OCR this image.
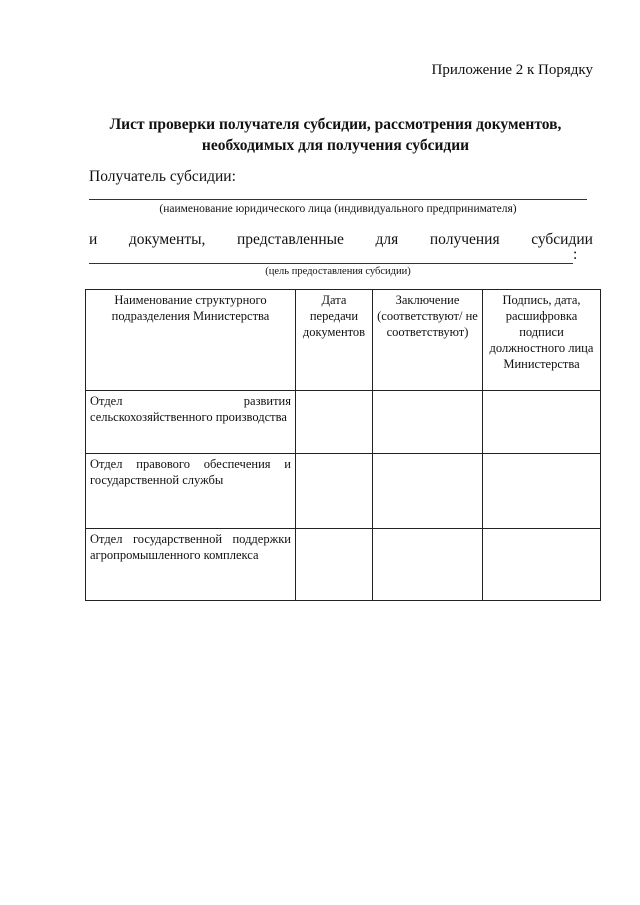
Приложение 2 к Порядку
Лист проверки получателя субсидии, рассмотрения документов,
необходимых для получения субсидии
Получатель субсидии:
(наименование юридического лица (индивидуального предпринимателя)
и документы, представленные для получения субсидии
:
(цель предоставления субсидии)
Наименование структурного подразделения Министерства	Дата передачи документов	Заключение (соответствуют/ не соответствуют)	Подпись, дата, расшифровка подписи должностного лица Министерства

Отдел развития
сельскохозяйственного производства			

Отдел правового обеспечения и государственной службы			
Отдел государственной поддержки агропромышленного комплекса			
